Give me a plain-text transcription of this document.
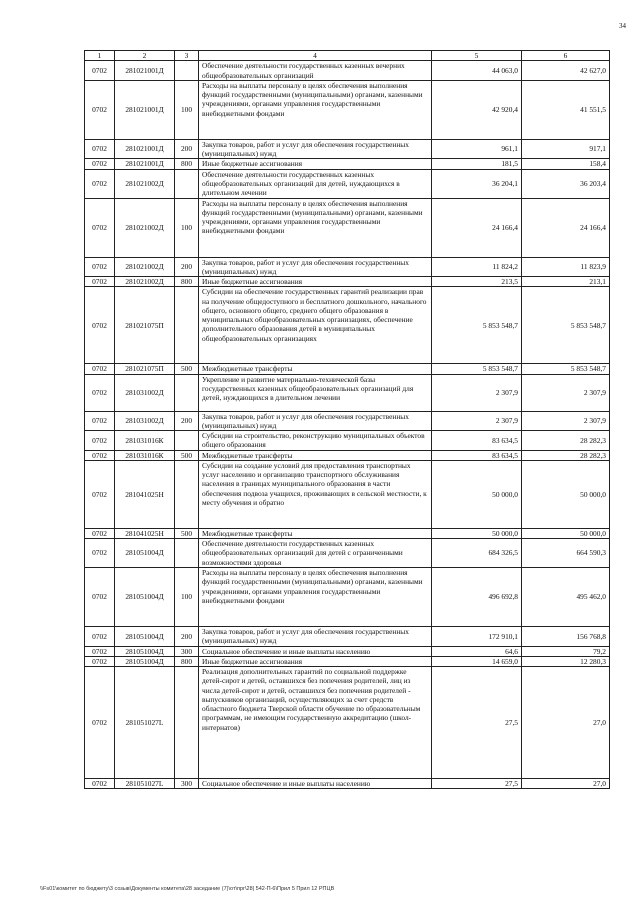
34
1	2	3	4	5	6
0702	281021001Д		Обеспечение деятельности государственных казенных вечерних общеобразовательных организаций	44 063,0	42 627,0
0702	281021001Д	100	Расходы на выплаты персоналу в целях обеспечения выполнения функций государственными (муниципальными) органами, казенными учреждениями, органами управления государственными внебюджетными фондами	42 920,4	41 551,5
0702	281021001Д	200	Закупка товаров, работ и услуг для обеспечения государственных (муниципальных) нужд	961,1	917,1
0702	281021001Д	800	Иные бюджетные ассигнования	181,5	158,4
0702	281021002Д		Обеспечение деятельности государственных казенных общеобразовательных организаций для детей, нуждающихся в длительном лечении	36 204,1	36 203,4
0702	281021002Д	100	Расходы на выплаты персоналу в целях обеспечения выполнения функций государственными (муниципальными) органами, казенными учреждениями, органами управления государственными внебюджетными фондами	24 166,4	24 166,4
0702	281021002Д	200	Закупка товаров, работ и услуг для обеспечения государственных (муниципальных) нужд	11 824,2	11 823,9
0702	281021002Д	800	Иные бюджетные ассигнования	213,5	213,1
0702	281021075П		Субсидии на обеспечение государственных гарантий реализации прав на получение общедоступного и бесплатного дошкольного, начального общего, основного общего, среднего общего образования в муниципальных общеобразовательных организациях, обеспечение дополнительного образования детей в муниципальных общеобразовательных организациях	5 853 548,7	5 853 548,7
0702	281021075П	500	Межбюджетные трансферты	5 853 548,7	5 853 548,7
0702	281031002Д		Укрепление и развитие материально-технической базы государственных казенных общеобразовательных организаций для детей, нуждающихся в длительном лечении	2 307,9	2 307,9
0702	281031002Д	200	Закупка товаров, работ и услуг для обеспечения государственных (муниципальных) нужд	2 307,9	2 307,9
0702	281031016К		Субсидии на строительство, реконструкцию муниципальных объектов общего образования	83 634,5	28 282,3
0702	281031016К	500	Межбюджетные трансферты	83 634,5	28 282,3
0702	281041025Н		Субсидии на создание условий для предоставления транспортных услуг населению и организацию транспортного обслуживания населения в границах муниципального образования в части обеспечения подвоза учащихся, проживающих в сельской местности, к месту обучения и обратно	50 000,0	50 000,0
0702	281041025Н	500	Межбюджетные трансферты	50 000,0	50 000,0
0702	281051004Д		Обеспечение деятельности государственных казенных общеобразовательных организаций для детей с ограниченными возможностями здоровья	684 326,5	664 590,3
0702	281051004Д	100	Расходы на выплаты персоналу в целях обеспечения выполнения функций государственными (муниципальными) органами, казенными учреждениями, органами управления государственными внебюджетными фондами	496 692,8	495 462,0
0702	281051004Д	200	Закупка товаров, работ и услуг для обеспечения государственных (муниципальных) нужд	172 910,1	156 768,8
0702	281051004Д	300	Социальное обеспечение и иные выплаты населению	64,6	79,2
0702	281051004Д	800	Иные бюджетные ассигнования	14 659,0	12 280,3
0702	281051027L		Реализация дополнительных гарантий по социальной поддержке детей-сирот и детей, оставшихся без попечения родителей, лиц из числа детей-сирот и детей, оставшихся без попечения родителей - выпускников организаций, осуществляющих за счет средств областного бюджета Тверской области обучение по образовательным программам, не имеющим государственную аккредитацию (школ-интернатов)	27,5	27,0
0702	281051027L	300	Социальное обеспечение и иные выплаты населению	27,5	27,0
\\Fs01\комитет по бюджету\3 созыв\Документы комитета\28 заседание (7)\от\прг\28| 542-П-6\Прил 5 Прил 12 РПЦВ
